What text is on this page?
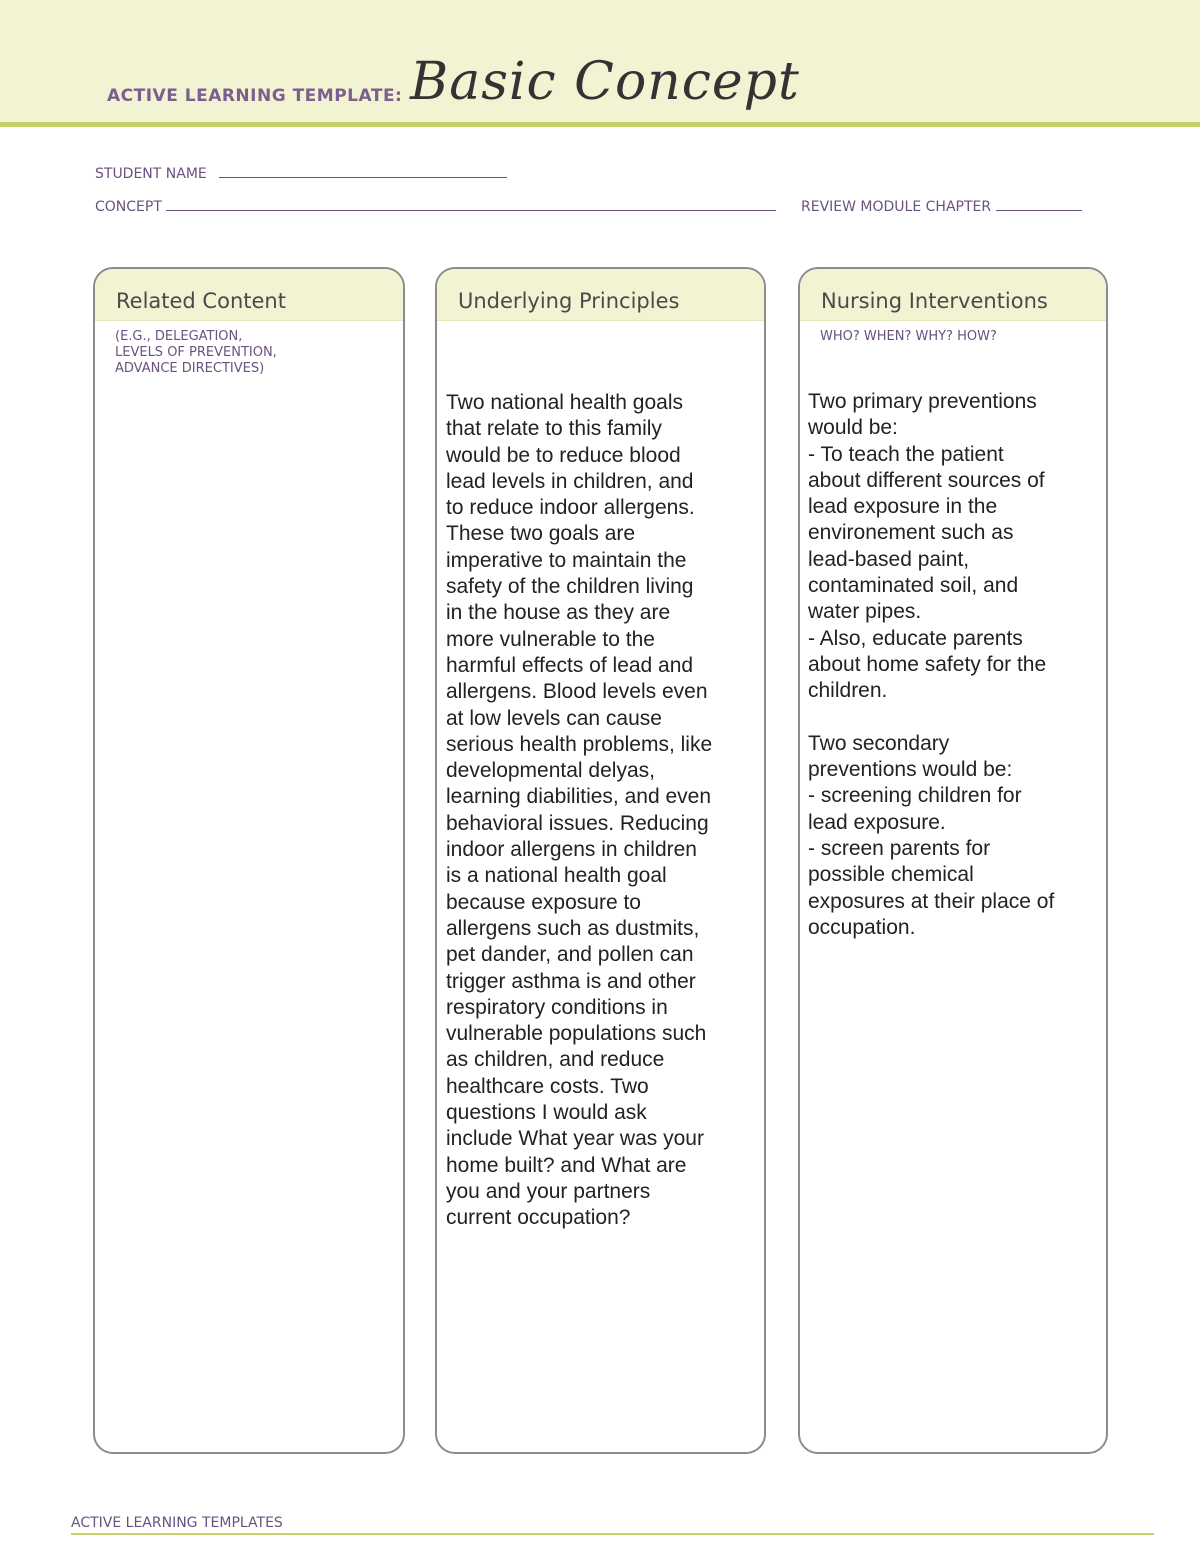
ACTIVE LEARNING TEMPLATE: Basic Concept
STUDENT NAME
CONCEPT	REVIEW MODULE CHAPTER
Related Content
(E.G., DELEGATION,
LEVELS OF PREVENTION,
ADVANCE DIRECTIVES)
Underlying Principles
Two national health goals
that relate to this family
would be to reduce blood
lead levels in children, and
to reduce indoor allergens.
These two goals are
imperative to maintain the
safety of the children living
in the house as they are
more vulnerable to the
harmful effects of lead and
allergens. Blood levels even
at low levels can cause
serious health problems, like
developmental delyas,
learning diabilities, and even
behavioral issues. Reducing
indoor allergens in children
is a national health goal
because exposure to
allergens such as dustmits,
pet dander, and pollen can
trigger asthma is and other
respiratory conditions in
vulnerable populations such
as children, and reduce
healthcare costs. Two
questions I would ask
include What year was your
home built? and What are
you and your partners
current occupation?
Nursing Interventions
WHO? WHEN? WHY? HOW?
Two primary preventions
would be:
- To teach the patient
about different sources of
lead exposure in the
environement such as
lead-based paint,
contaminated soil, and
water pipes.
- Also, educate parents
about home safety for the
children.

Two secondary
preventions would be:
- screening children for
lead exposure.
- screen parents for
possible chemical
exposures at their place of
occupation.
ACTIVE LEARNING TEMPLATES
